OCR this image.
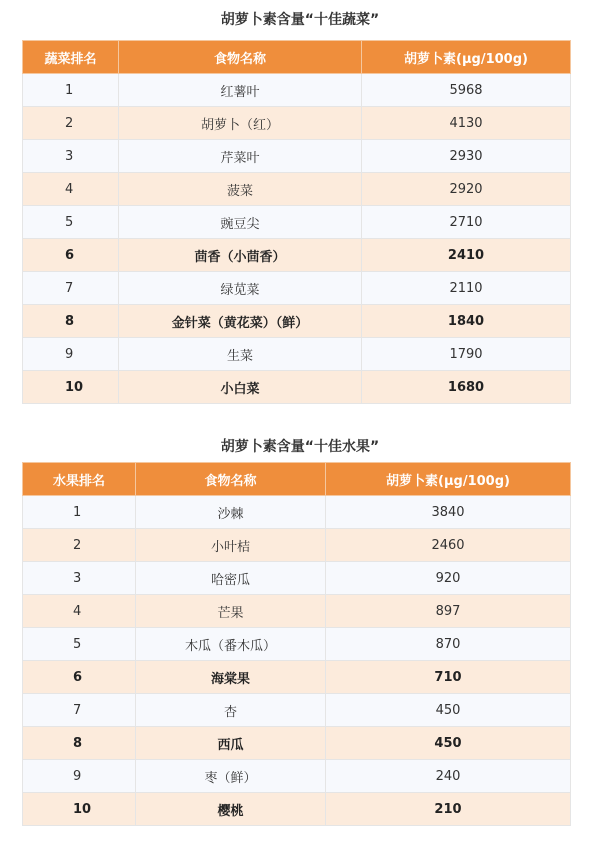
胡萝卜素含量“十佳蔬菜”
蔬菜排名	食物名称	胡萝卜素(μg/100g)
1	红薯叶	5968
2	胡萝卜（红）	4130
3	芹菜叶	2930
4	菠菜	2920
5	豌豆尖	2710
6	茴香（小茴香）	2410
7	绿苋菜	2110
8	金针菜（黄花菜）（鲜）	1840
9	生菜	1790
10	小白菜	1680
胡萝卜素含量“十佳水果”
水果排名	食物名称	胡萝卜素(μg/100g)
1	沙棘	3840
2	小叶桔	2460
3	哈密瓜	920
4	芒果	897
5	木瓜（番木瓜）	870
6	海棠果	710
7	杏	450
8	西瓜	450
9	枣（鲜）	240
10	樱桃	210
